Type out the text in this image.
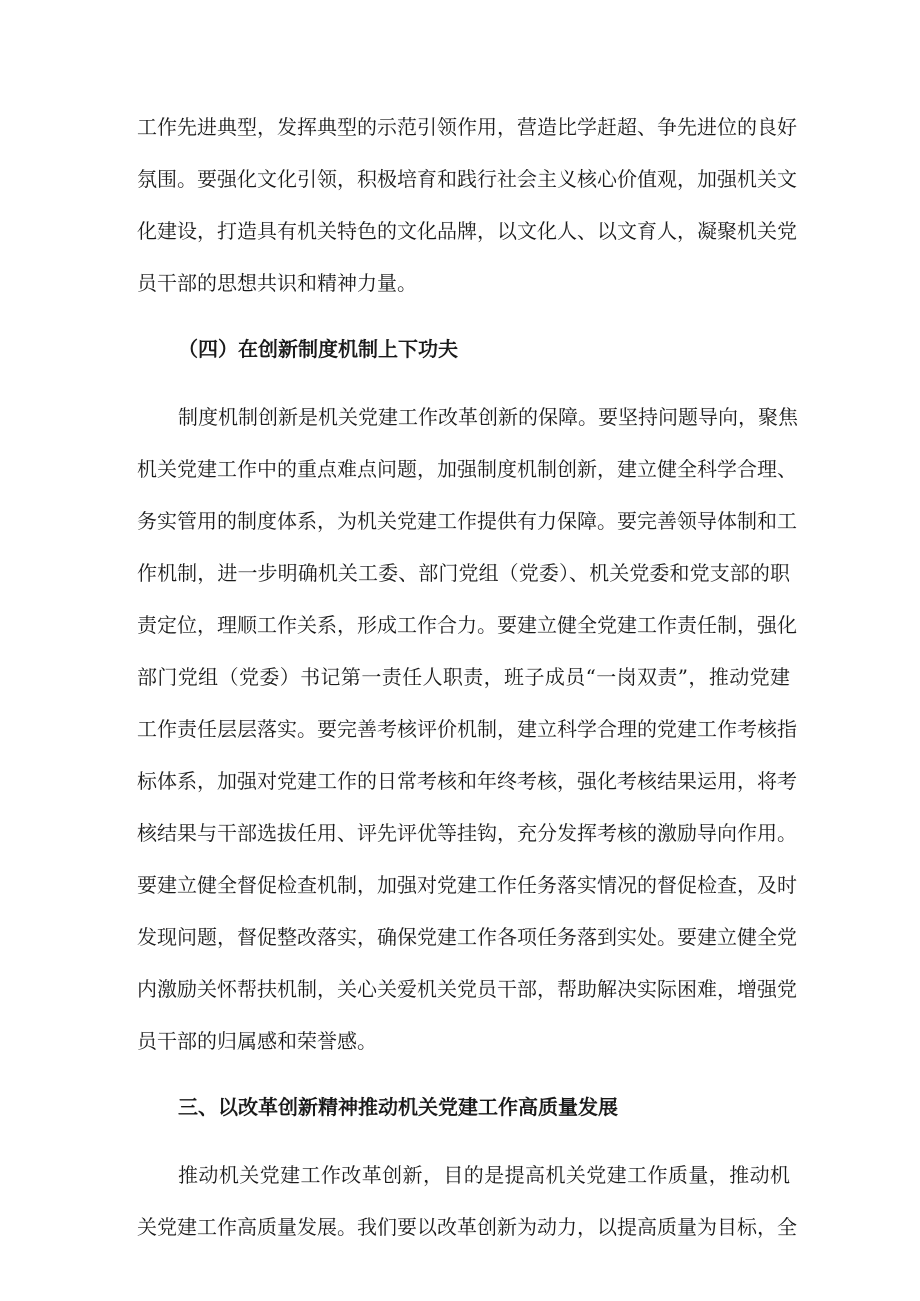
工作先进典型，发挥典型的示范引领作用，营造比学赶超、争先进位的良好
氛围。要强化文化引领，积极培育和践行社会主义核心价值观，加强机关文
化建设，打造具有机关特色的文化品牌，以文化人、以文育人，凝聚机关党
员干部的思想共识和精神力量。
（四）在创新制度机制上下功夫
制度机制创新是机关党建工作改革创新的保障。要坚持问题导向，聚焦
机关党建工作中的重点难点问题，加强制度机制创新，建立健全科学合理、
务实管用的制度体系，为机关党建工作提供有力保障。要完善领导体制和工
作机制，进一步明确机关工委、部门党组（党委）、机关党委和党支部的职
责定位，理顺工作关系，形成工作合力。要建立健全党建工作责任制，强化
部门党组（党委）书记第一责任人职责，班子成员“一岗双责”，推动党建
工作责任层层落实。要完善考核评价机制，建立科学合理的党建工作考核指
标体系，加强对党建工作的日常考核和年终考核，强化考核结果运用，将考
核结果与干部选拔任用、评先评优等挂钩，充分发挥考核的激励导向作用。
要建立健全督促检查机制，加强对党建工作任务落实情况的督促检查，及时
发现问题，督促整改落实，确保党建工作各项任务落到实处。要建立健全党
内激励关怀帮扶机制，关心关爱机关党员干部，帮助解决实际困难，增强党
员干部的归属感和荣誉感。
三、以改革创新精神推动机关党建工作高质量发展
推动机关党建工作改革创新，目的是提高机关党建工作质量，推动机
关党建工作高质量发展。我们要以改革创新为动力，以提高质量为目标，全
